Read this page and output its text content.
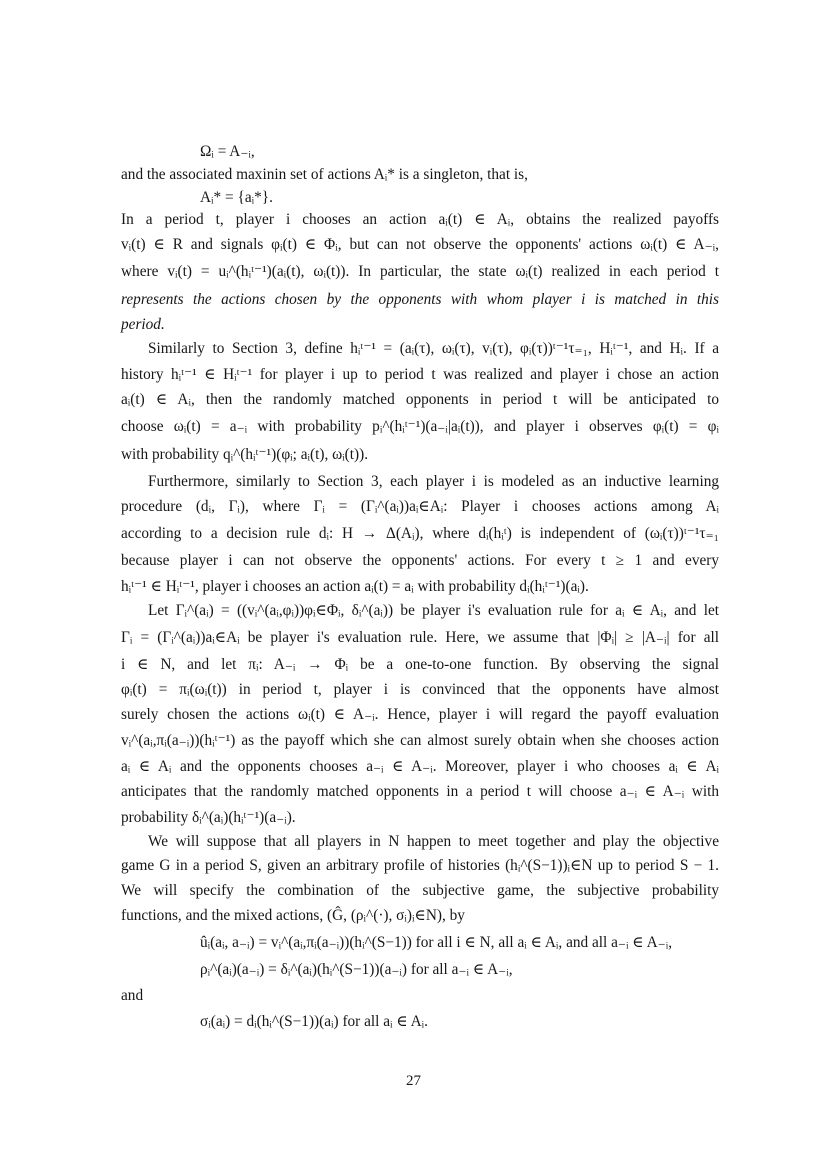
Ωᵢ = A₋ᵢ,
and the associated maxinin set of actions Aᵢ* is a singleton, that is,
Aᵢ* = {aᵢ*}.
In a period t, player i chooses an action aᵢ(t) ∈ Aᵢ, obtains the realized payoffs
vᵢ(t) ∈ R and signals φᵢ(t) ∈ Φᵢ, but can not observe the opponents' actions ωᵢ(t) ∈ A₋ᵢ,
where vᵢ(t) = uᵢ^(hᵢᵗ⁻¹)(aᵢ(t), ωᵢ(t)). In particular, the state ωᵢ(t) realized in each period t
represents the actions chosen by the opponents with whom player i is matched in this
period.
Similarly to Section 3, define hᵢᵗ⁻¹ = (aᵢ(τ), ωᵢ(τ), vᵢ(τ), φᵢ(τ))ᵗ⁻¹τ₌₁, Hᵢᵗ⁻¹, and Hᵢ. If a
history hᵢᵗ⁻¹ ∈ Hᵢᵗ⁻¹ for player i up to period t was realized and player i chose an action
aᵢ(t) ∈ Aᵢ, then the randomly matched opponents in period t will be anticipated to
choose ωᵢ(t) = a₋ᵢ with probability pᵢ^(hᵢᵗ⁻¹)(a₋ᵢ|aᵢ(t)), and player i observes φᵢ(t) = φᵢ
with probability qᵢ^(hᵢᵗ⁻¹)(φᵢ; aᵢ(t), ωᵢ(t)).
Furthermore, similarly to Section 3, each player i is modeled as an inductive learning
procedure (dᵢ, Γᵢ), where Γᵢ = (Γᵢ^(aᵢ))aᵢ∈Aᵢ: Player i chooses actions among Aᵢ
according to a decision rule dᵢ: H → Δ(Aᵢ), where dᵢ(hᵢᵗ) is independent of (ωᵢ(τ))ᵗ⁻¹τ₌₁
because player i can not observe the opponents' actions. For every t ≥ 1 and every
hᵢᵗ⁻¹ ∈ Hᵢᵗ⁻¹, player i chooses an action aᵢ(t) = aᵢ with probability dᵢ(hᵢᵗ⁻¹)(aᵢ).
Let Γᵢ^(aᵢ) = ((vᵢ^(aᵢ,φᵢ))φᵢ∈Φᵢ, δᵢ^(aᵢ)) be player i's evaluation rule for aᵢ ∈ Aᵢ, and let
Γᵢ = (Γᵢ^(aᵢ))aᵢ∈Aᵢ be player i's evaluation rule. Here, we assume that |Φᵢ| ≥ |A₋ᵢ| for all
i ∈ N, and let πᵢ: A₋ᵢ → Φᵢ be a one-to-one function. By observing the signal
φᵢ(t) = πᵢ(ωᵢ(t)) in period t, player i is convinced that the opponents have almost
surely chosen the actions ωᵢ(t) ∈ A₋ᵢ. Hence, player i will regard the payoff evaluation
vᵢ^(aᵢ,πᵢ(a₋ᵢ))(hᵢᵗ⁻¹) as the payoff which she can almost surely obtain when she chooses action
aᵢ ∈ Aᵢ and the opponents chooses a₋ᵢ ∈ A₋ᵢ. Moreover, player i who chooses aᵢ ∈ Aᵢ
anticipates that the randomly matched opponents in a period t will choose a₋ᵢ ∈ A₋ᵢ with
probability δᵢ^(aᵢ)(hᵢᵗ⁻¹)(a₋ᵢ).
We will suppose that all players in N happen to meet together and play the objective
game G in a period S, given an arbitrary profile of histories (hᵢ^(S−1))ᵢ∈N up to period S − 1.
We will specify the combination of the subjective game, the subjective probability
functions, and the mixed actions, (Ĝ, (ρᵢ^(·), σᵢ)ᵢ∈N), by
ûᵢ(aᵢ, a₋ᵢ) = vᵢ^(aᵢ,πᵢ(a₋ᵢ))(hᵢ^(S−1)) for all i ∈ N, all aᵢ ∈ Aᵢ, and all a₋ᵢ ∈ A₋ᵢ,
ρᵢ^(aᵢ)(a₋ᵢ) = δᵢ^(aᵢ)(hᵢ^(S−1))(a₋ᵢ) for all a₋ᵢ ∈ A₋ᵢ,
and
σᵢ(aᵢ) = dᵢ(hᵢ^(S−1))(aᵢ) for all aᵢ ∈ Aᵢ.
27
